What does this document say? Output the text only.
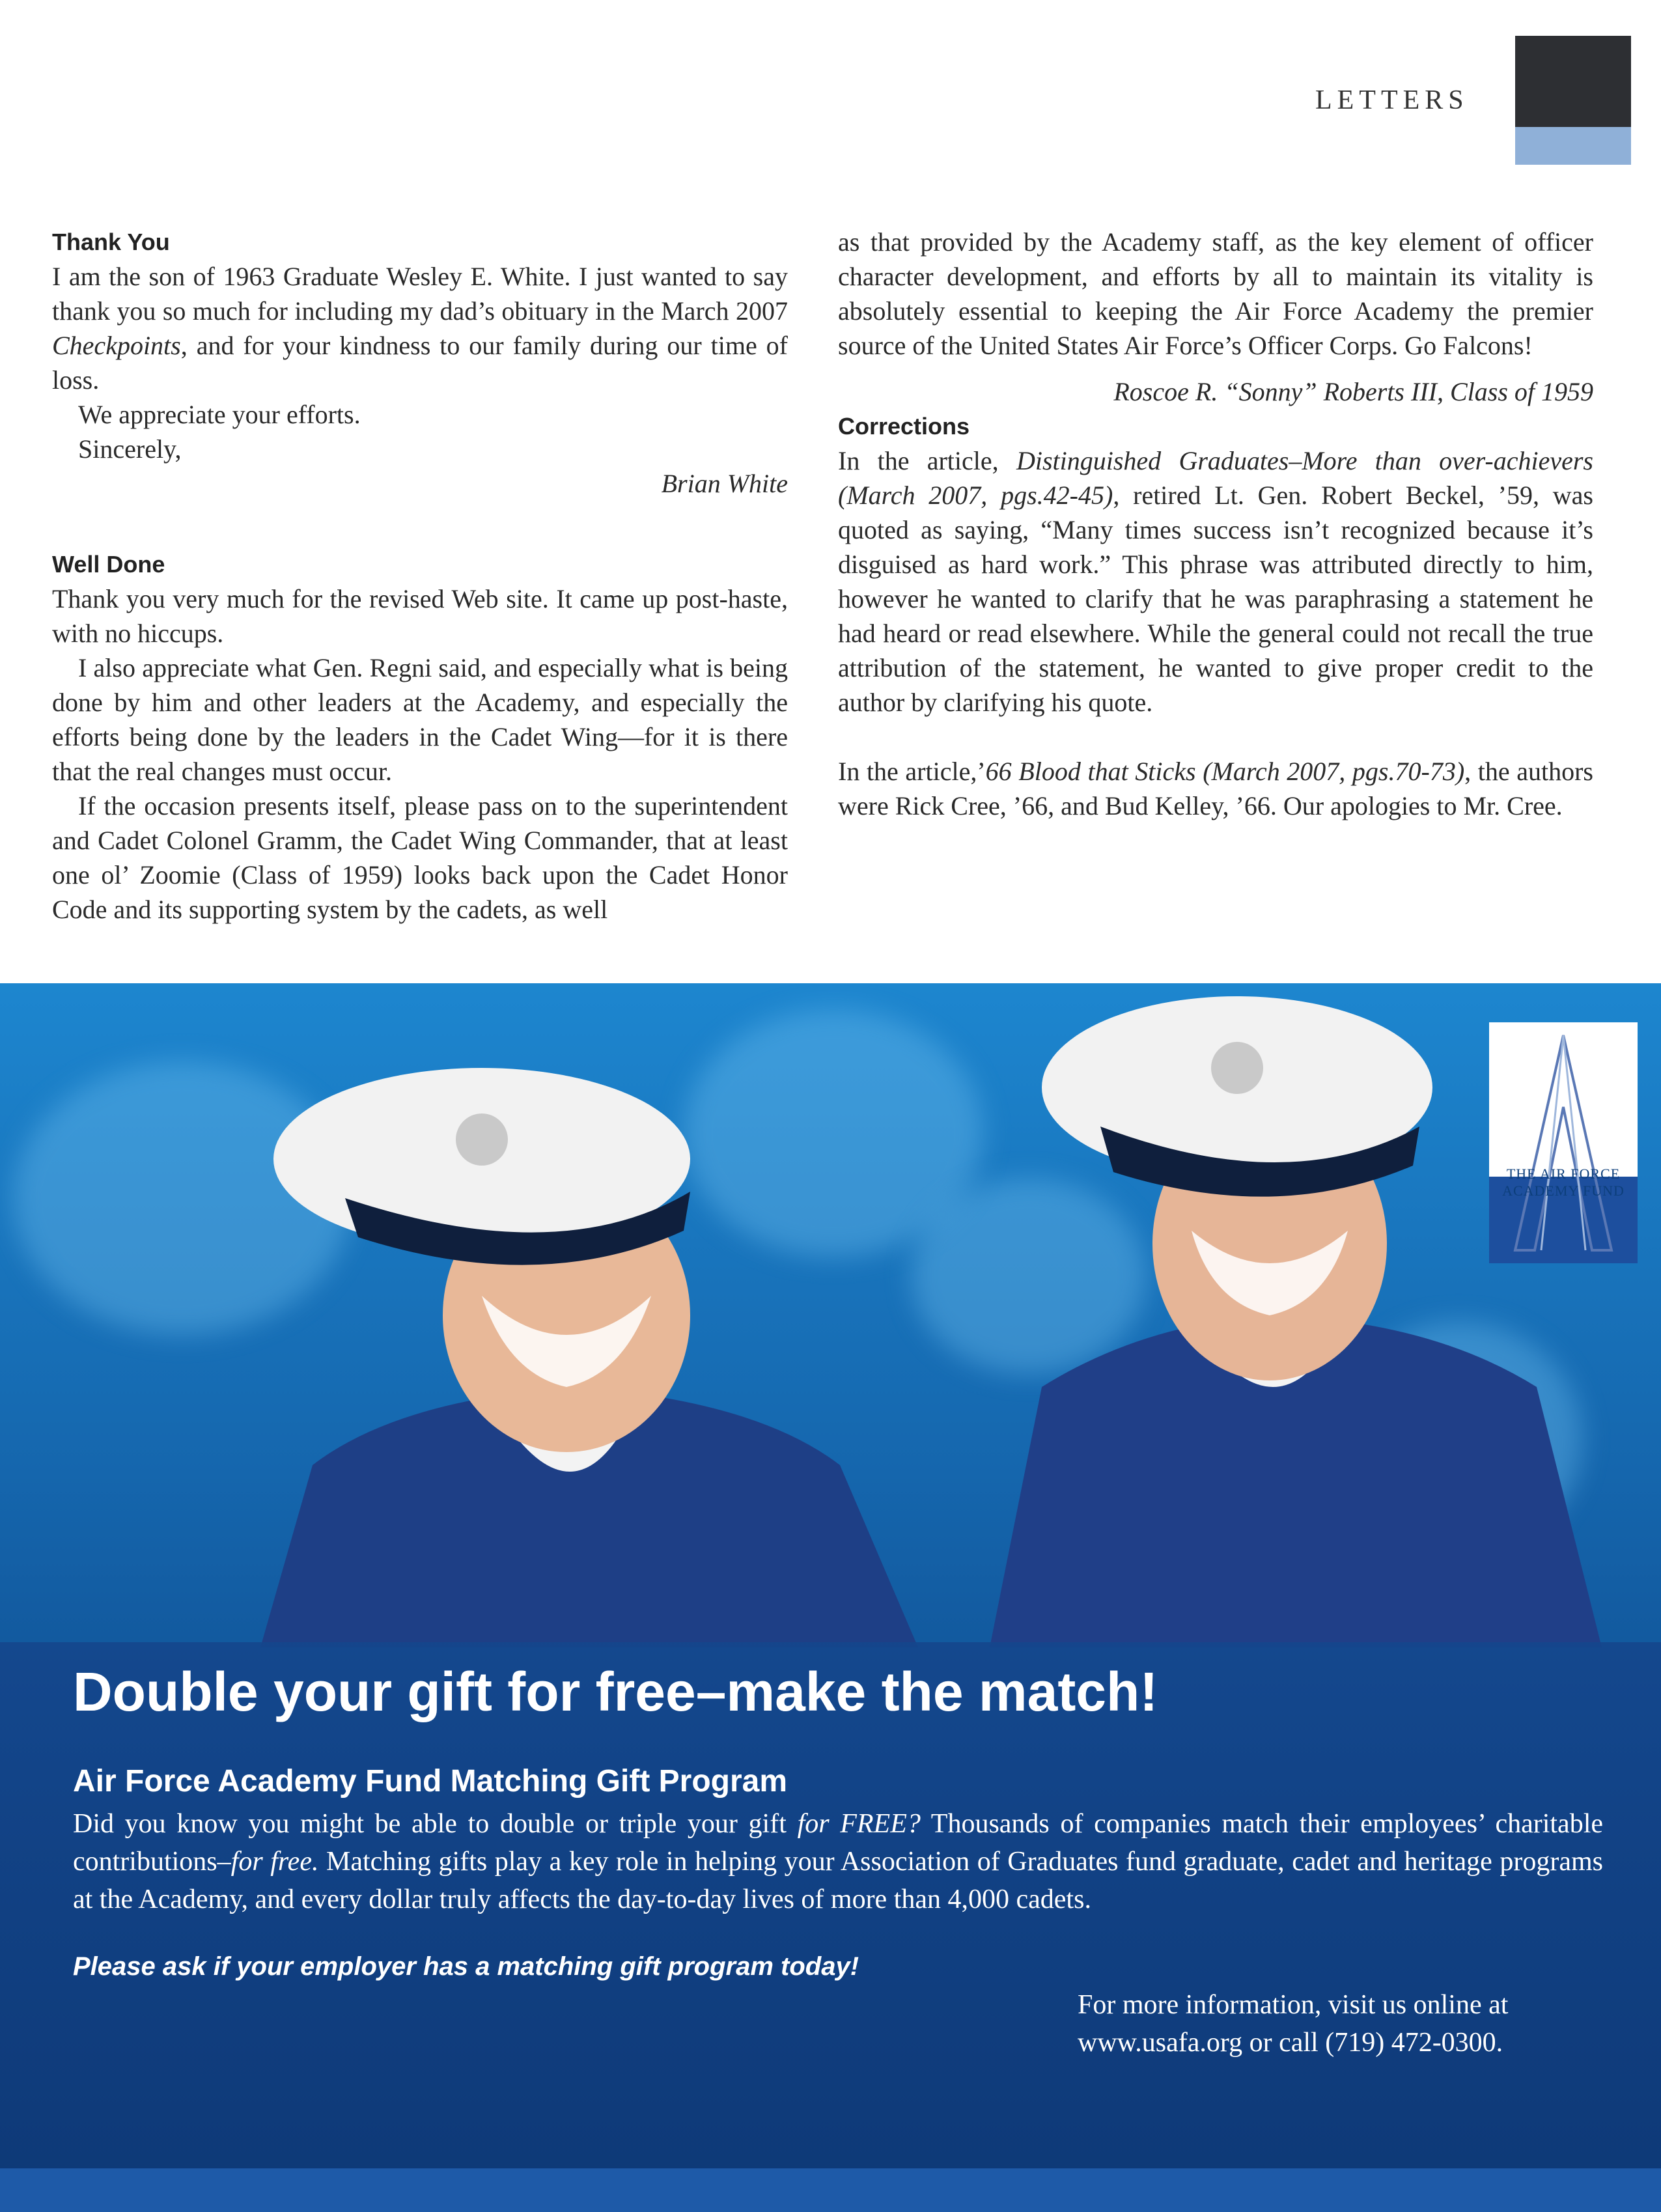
LETTERS

Thank You

I am the son of 1963 Graduate Wesley E. White. I just wanted to say thank you so much for including my dad’s obituary in the March 2007 Checkpoints, and for your kindness to our family during our time of loss.

We appreciate your efforts.

Sincerely,

Brian White

Well Done

Thank you very much for the revised Web site. It came up post-haste, with no hiccups.

I also appreciate what Gen. Regni said, and especially what is being done by him and other leaders at the Academy, and especially the efforts being done by the leaders in the Cadet Wing—for it is there that the real changes must occur.

If the occasion presents itself, please pass on to the superintendent and Cadet Colonel Gramm, the Cadet Wing Commander, that at least one ol’ Zoomie (Class of 1959) looks back upon the Cadet Honor Code and its supporting system by the cadets, as well

as that provided by the Academy staff, as the key element of officer character development, and efforts by all to maintain its vitality is absolutely essential to keeping the Air Force Academy the premier source of the United States Air Force’s Officer Corps. Go Falcons!

Roscoe R. “Sonny” Roberts III, Class of 1959

Corrections

In the article, Distinguished Graduates–More than over-achievers (March 2007, pgs.42-45), retired Lt. Gen. Robert Beckel, ’59, was quoted as saying, “Many times success isn’t recognized because it’s disguised as hard work.” This phrase was attributed directly to him, however he wanted to clarify that he was paraphrasing a statement he had heard or read elsewhere. While the general could not recall the true attribution of the statement, he wanted to give proper credit to the author by clarifying his quote.

In the article,’66 Blood that Sticks (March 2007, pgs.70-73), the authors were Rick Cree, ’66, and Bud Kelley, ’66. Our apologies to Mr. Cree.

THE AIR FORCE ACADEMY FUND
Double your gift for free–make the match!
Air Force Academy Fund Matching Gift Program
Did you know you might be able to double or triple your gift for FREE? Thousands of companies match their employees’ charitable contributions–for free. Matching gifts play a key role in helping your Association of Graduates fund graduate, cadet and heritage programs at the Academy, and every dollar truly affects the day-to-day lives of more than 4,000 cadets.
Please ask if your employer has a matching gift program today!
For more information, visit us online at
www.usafa.org or call (719) 472-0300.
